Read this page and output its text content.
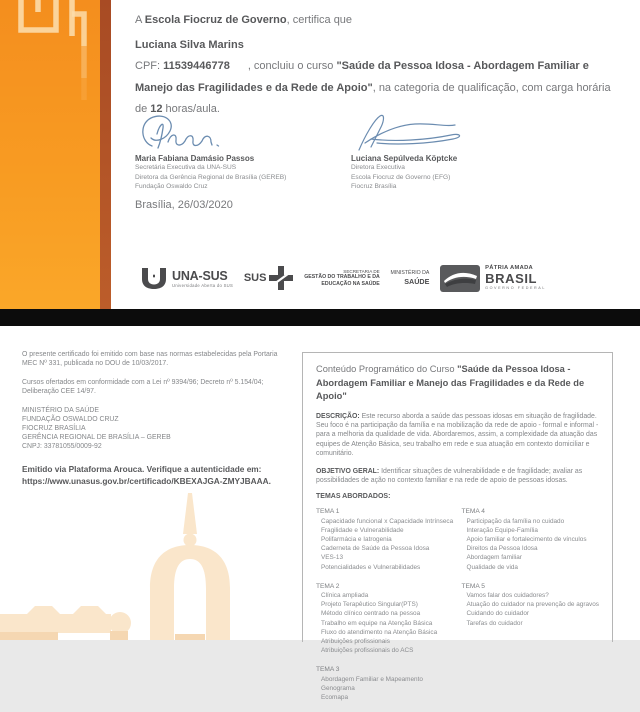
A Escola Fiocruz de Governo, certifica que

Luciana Silva Marins

CPF: 11539446778 , concluiu o curso "Saúde da Pessoa Idosa - Abordagem Familiar e Manejo das Fragilidades e da Rede de Apoio", na categoria de qualificação, com carga horária de 12 horas/aula.

Maria Fabiana Damásio Passos
Secretária Executiva da UNA-SUS
Diretora da Gerência Regional de Brasília (GEREB)
Fundação Oswaldo Cruz
Luciana Sepúlveda Köptcke
Diretora Executiva
Escola Fiocruz de Governo (EFG)
Fiocruz Brasília

Brasília, 26/03/2020

UNA-SUS
Universidade Aberta do SUS
SUS
SECRETARIA DE
GESTÃO DO TRABALHO E DA
EDUCAÇÃO NA SAÚDE
MINISTÉRIO DA
SAÚDE
PÁTRIA AMADA
BRASIL
GOVERNO FEDERAL

O presente certificado foi emitido com base nas normas estabelecidas pela Portaria MEC Nº 331, publicada no DOU de 10/03/2017.

Cursos ofertados em conformidade com a Lei nº 9394/96; Decreto nº 5.154/04; Deliberação CEE 14/97.

MINISTÉRIO DA SAÚDE
FUNDAÇÃO OSWALDO CRUZ
FIOCRUZ BRASÍLIA
GERÊNCIA REGIONAL DE BRASÍLIA – GEREB
CNPJ: 33781055/0009-92
Emitido via Plataforma Arouca. Verifique a autenticidade em:
https://www.unasus.gov.br/certificado/KBEXAJGA-ZMYJBAAA.

Conteúdo Programático do Curso "Saúde da Pessoa Idosa - Abordagem Familiar e Manejo das Fragilidades e da Rede de Apoio"

DESCRIÇÃO: Este recurso aborda a saúde das pessoas idosas em situação de fragilidade. Seu foco é na participação da família e na mobilização da rede de apoio - formal e informal - para a melhoria da qualidade de vida. Abordaremos, assim, a complexidade da atuação das equipes de Atenção Básica, seu trabalho em rede e sua atuação em contexto domiciliar e comunitário.

OBJETIVO GERAL: Identificar situações de vulnerabilidade e de fragilidade; avaliar as possibilidades de ação no contexto familiar e na rede de apoio de pessoas idosas.

TEMAS ABORDADOS:
TEMA 1
Capacidade funcional x Capacidade Intrínseca
Fragilidade e Vulnerabilidade
Polifarmácia e Iatrogenia
Caderneta de Saúde da Pessoa Idosa
VES-13
Potencialidades e Vulnerabilidades
TEMA 2
Clínica ampliada
Projeto Terapêutico Singular(PTS)
Método clínico centrado na pessoa
Trabalho em equipe na Atenção Básica
Fluxo do atendimento na Atenção Básica
Atribuições profissionais
Atribuições profissionais do ACS
TEMA 3
Abordagem Familiar e Mapeamento
Genograma
Ecomapa
TEMA 4
Participação da família no cuidado
Interação Equipe-Família
Apoio familiar e fortalecimento de vínculos
Direitos da Pessoa Idosa
Abordagem familiar
Qualidade de vida
TEMA 5
Vamos falar dos cuidadores?
Atuação do cuidador na prevenção de agravos
Cuidando do cuidador
Tarefas do cuidador
